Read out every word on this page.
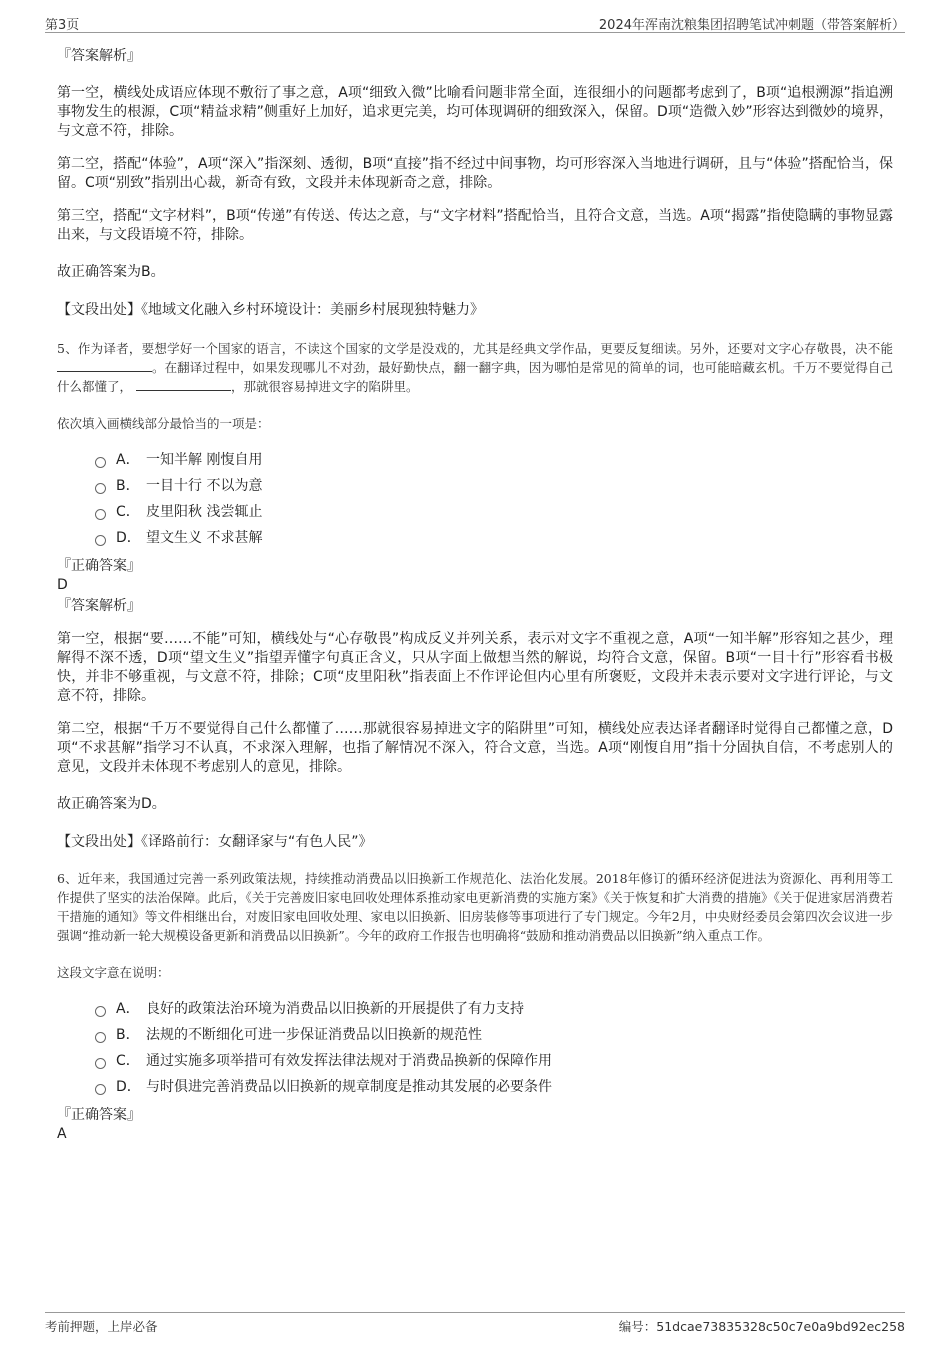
第3页	2024年浑南沈粮集团招聘笔试冲刺题（带答案解析）
『答案解析』

第一空，横线处成语应体现不敷衍了事之意，A项“细致入微”比喻看问题非常全面，连很细小的问题都考虑到了，B项“追根溯源”指追溯事物发生的根源，C项“精益求精”侧重好上加好，追求更完美，均可体现调研的细致深入，保留。D项“造微入妙”形容达到微妙的境界，与文意不符，排除。

第二空，搭配“体验”，A项“深入”指深刻、透彻，B项“直接”指不经过中间事物，均可形容深入当地进行调研，且与“体验”搭配恰当，保留。C项“别致”指别出心裁，新奇有致，文段并未体现新奇之意，排除。

第三空，搭配“文字材料”，B项“传递”有传送、传达之意，与“文字材料”搭配恰当，且符合文意，当选。A项“揭露”指使隐瞒的事物显露出来，与文段语境不符，排除。

故正确答案为B。
【文段出处】《地域文化融入乡村环境设计：美丽乡村展现独特魅力》

5、作为译者，要想学好一个国家的语言，不读这个国家的文学是没戏的，尤其是经典文学作品，更要反复细读。另外，还要对文字心存敬畏，决不能 。在翻译过程中，如果发现哪儿不对劲，最好勤快点，翻一翻字典，因为哪怕是常见的简单的词，也可能暗藏玄机。千万不要觉得自己什么都懂了，	，那就很容易掉进文字的陷阱里。

依次填入画横线部分最恰当的一项是：
A． 一知半解 刚愎自用
B． 一目十行 不以为意
C． 皮里阳秋 浅尝辄止
D． 望文生义 不求甚解
『正确答案』
D
『答案解析』

第一空，根据“要……不能”可知，横线处与“心存敬畏”构成反义并列关系，表示对文字不重视之意，A项“一知半解”形容知之甚少，理解得不深不透，D项“望文生义”指望弄懂字句真正含义，只从字面上做想当然的解说，均符合文意，保留。B项“一目十行”形容看书极快，并非不够重视，与文意不符，排除；C项“皮里阳秋”指表面上不作评论但内心里有所褒贬，文段并未表示要对文字进行评论，与文意不符，排除。

第二空，根据“千万不要觉得自己什么都懂了……那就很容易掉进文字的陷阱里”可知，横线处应表达译者翻译时觉得自己都懂之意，D项“不求甚解”指学习不认真，不求深入理解，也指了解情况不深入，符合文意，当选。A项“刚愎自用”指十分固执自信，不考虑别人的意见，文段并未体现不考虑别人的意见，排除。

故正确答案为D。
【文段出处】《译路前行：女翻译家与“有色人民”》

6、近年来，我国通过完善一系列政策法规，持续推动消费品以旧换新工作规范化、法治化发展。2018年修订的循环经济促进法为资源化、再利用等工作提供了坚实的法治保障。此后，《关于完善废旧家电回收处理体系推动家电更新消费的实施方案》《关于恢复和扩大消费的措施》《关于促进家居消费若干措施的通知》等文件相继出台，对废旧家电回收处理、家电以旧换新、旧房装修等事项进行了专门规定。今年2月，中央财经委员会第四次会议进一步强调“推动新一轮大规模设备更新和消费品以旧换新”。今年的政府工作报告也明确将“鼓励和推动消费品以旧换新”纳入重点工作。

这段文字意在说明：
A． 良好的政策法治环境为消费品以旧换新的开展提供了有力支持
B． 法规的不断细化可进一步保证消费品以旧换新的规范性
C． 通过实施多项举措可有效发挥法律法规对于消费品换新的保障作用
D． 与时俱进完善消费品以旧换新的规章制度是推动其发展的必要条件
『正确答案』
A
考前押题，上岸必备	编号：51dcae73835328c50c7e0a9bd92ec258
